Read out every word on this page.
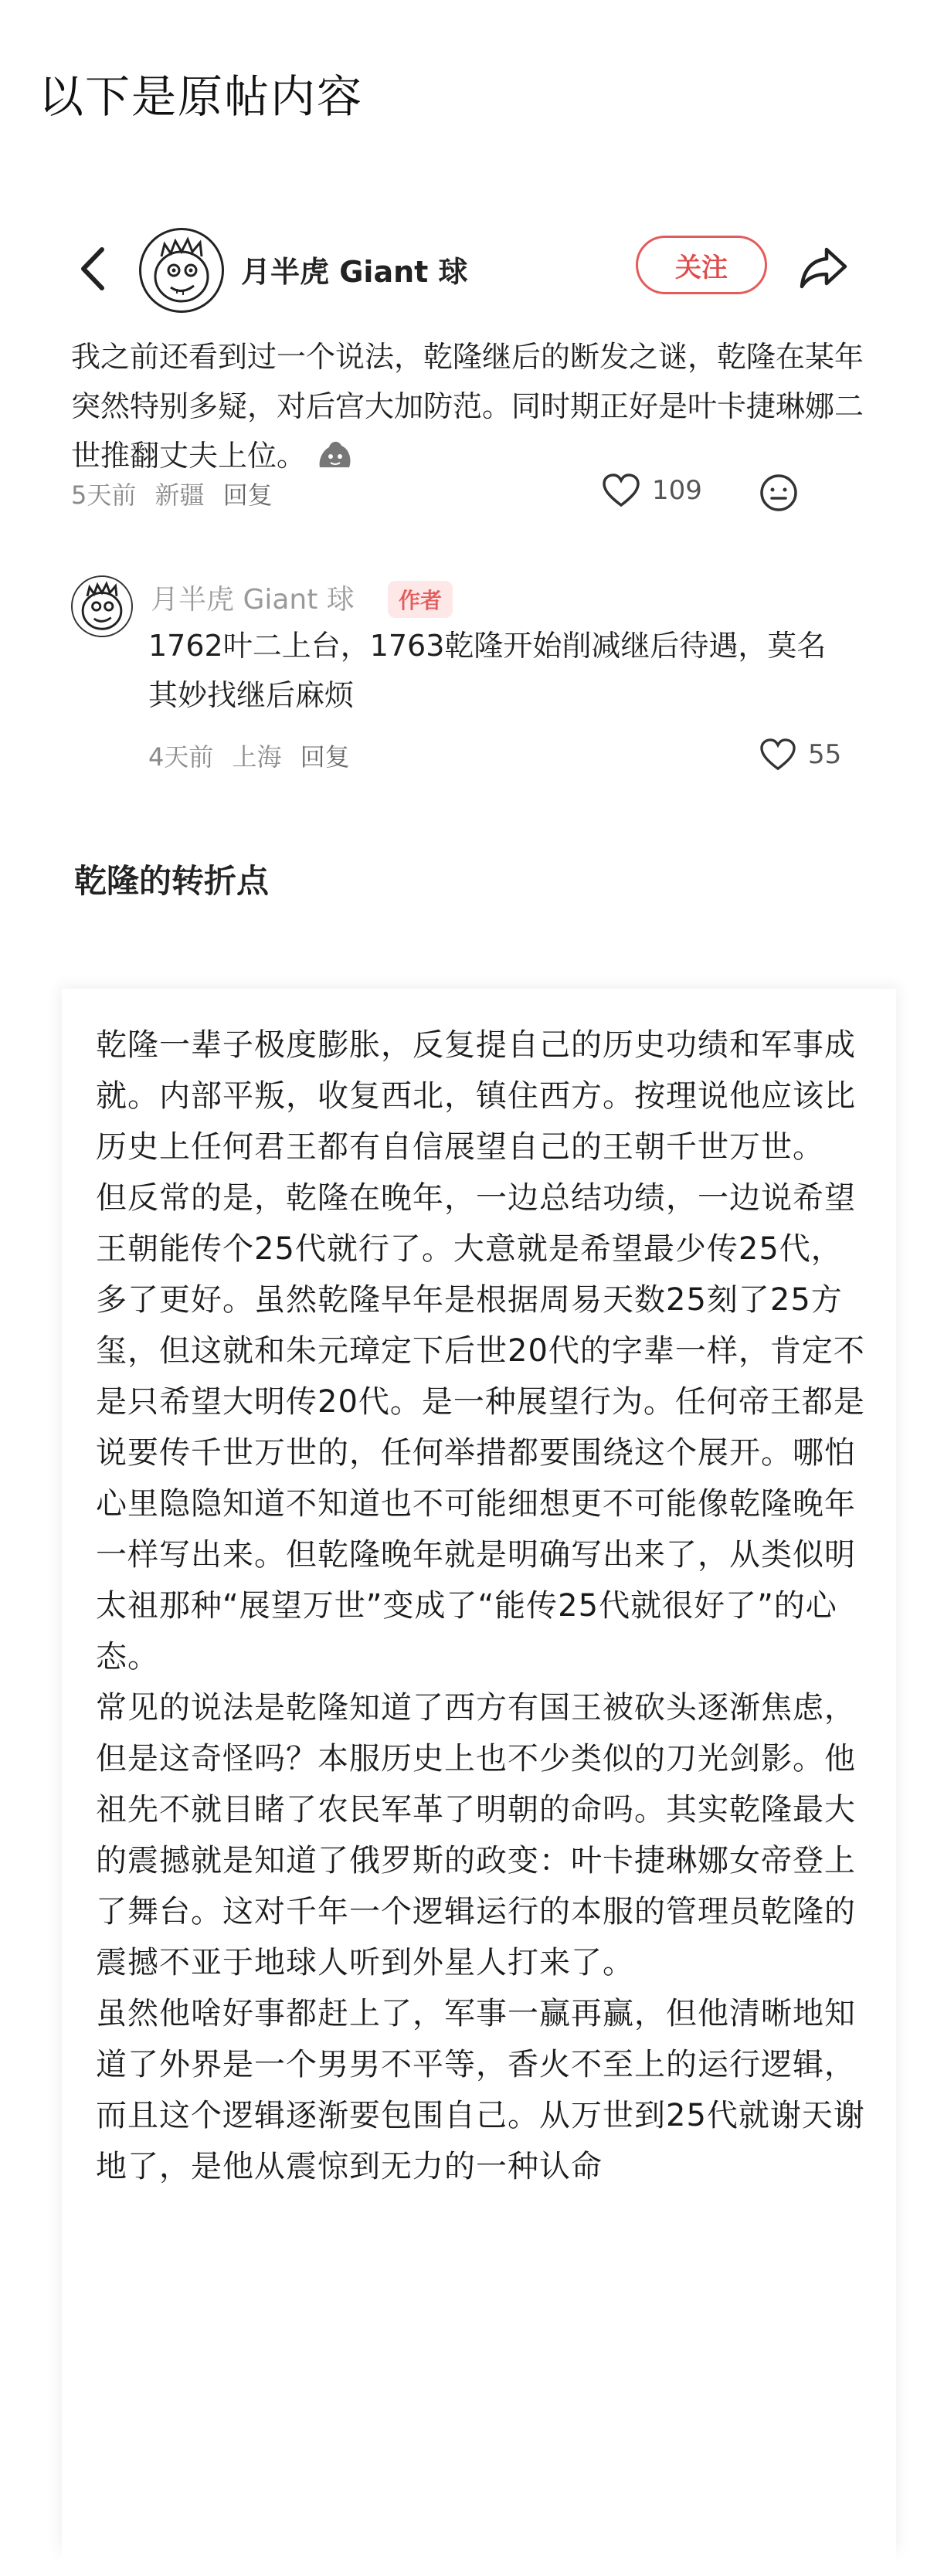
以下是原帖内容
月半虎 Giant 球	关注
我之前还看到过一个说法，乾隆继后的断发之谜，乾隆在某年突然特别多疑，对后宫大加防范。同时期正好是叶卡捷琳娜二世推翻丈夫上位。
5天前 新疆 回复	109
月半虎 Giant 球	作者
1762叶二上台，1763乾隆开始削减继后待遇，莫名其妙找继后麻烦
4天前 上海 回复	55
乾隆的转折点

乾隆一辈子极度膨胀，反复提自己的历史功绩和军事成就。内部平叛，收复西北，镇住西方。按理说他应该比历史上任何君王都有自信展望自己的王朝千世万世。

但反常的是，乾隆在晚年，一边总结功绩，一边说希望王朝能传个25代就行了。大意就是希望最少传25代，多了更好。虽然乾隆早年是根据周易天数25刻了25方玺，但这就和朱元璋定下后世20代的字辈一样，肯定不是只希望大明传20代。是一种展望行为。任何帝王都是说要传千世万世的，任何举措都要围绕这个展开。哪怕心里隐隐知道不知道也不可能细想更不可能像乾隆晚年一样写出来。但乾隆晚年就是明确写出来了，从类似明太祖那种“展望万世”变成了“能传25代就很好了”的心态。

常见的说法是乾隆知道了西方有国王被砍头逐渐焦虑，但是这奇怪吗？本服历史上也不少类似的刀光剑影。他祖先不就目睹了农民军革了明朝的命吗。其实乾隆最大的震撼就是知道了俄罗斯的政变：叶卡捷琳娜女帝登上了舞台。这对千年一个逻辑运行的本服的管理员乾隆的震撼不亚于地球人听到外星人打来了。

虽然他啥好事都赶上了，军事一赢再赢，但他清晰地知道了外界是一个男男不平等，香火不至上的运行逻辑，而且这个逻辑逐渐要包围自己。从万世到25代就谢天谢地了，是他从震惊到无力的一种认命
